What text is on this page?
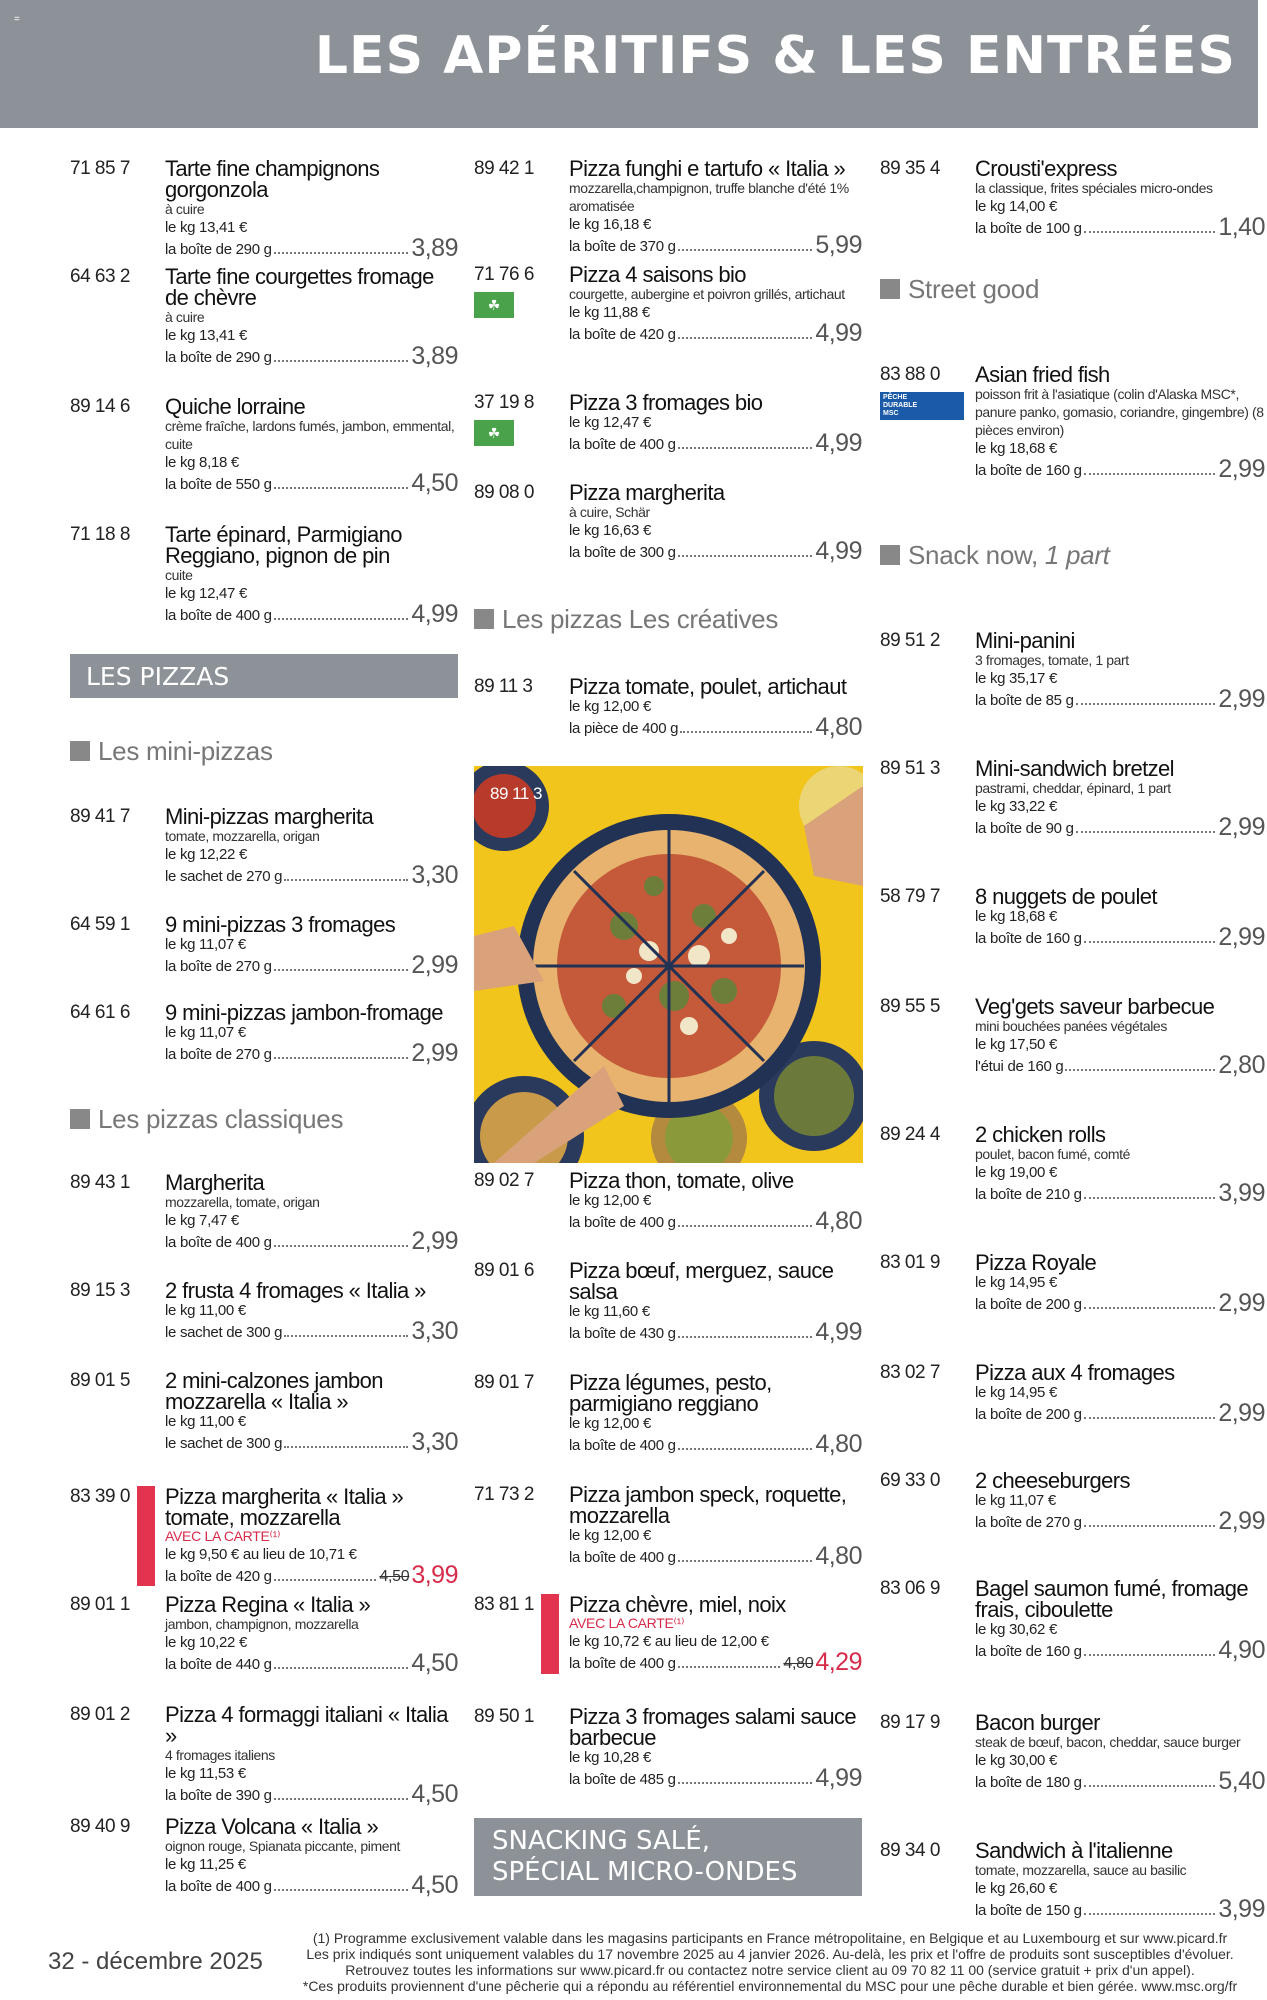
=
LES APÉRITIFS & LES ENTRÉES
71 85 7 Tarte fine champignons gorgonzola
à cuire
le kg 13,41 €
la boîte de 290 g	3,89
64 63 2 Tarte fine courgettes fromage de chèvre
à cuire
le kg 13,41 €
la boîte de 290 g	3,89
89 14 6 Quiche lorraine
crème fraîche, lardons fumés, jambon, emmental, cuite
le kg 8,18 €
la boîte de 550 g	4,50
71 18 8 Tarte épinard, Parmigiano Reggiano, pignon de pin
cuite
le kg 12,47 €
la boîte de 400 g	4,99
LES PIZZAS
Les mini-pizzas
89 41 7 Mini-pizzas margherita
tomate, mozzarella, origan
le kg 12,22 €
le sachet de 270 g	3,30
64 59 1 9 mini-pizzas 3 fromages
le kg 11,07 €
la boîte de 270 g	2,99
64 61 6 9 mini-pizzas jambon-fromage
le kg 11,07 €
la boîte de 270 g	2,99
Les pizzas classiques
89 43 1 Margherita
mozzarella, tomate, origan
le kg 7,47 €
la boîte de 400 g	2,99
89 15 3 2 frusta 4 fromages « Italia »
le kg 11,00 €
le sachet de 300 g	3,30
89 01 5 2 mini-calzones jambon mozzarella « Italia »
le kg 11,00 €
le sachet de 300 g	3,30
83 39 0 Pizza margherita « Italia » tomate, mozzarella
AVEC LA CARTE⁽¹⁾
le kg 9,50 € au lieu de 10,71 €
la boîte de 420 g	4,50 3,99
89 01 1 Pizza Regina « Italia »
jambon, champignon, mozzarella
le kg 10,22 €
la boîte de 440 g	4,50
89 01 2 Pizza 4 formaggi italiani « Italia »
4 fromages italiens
le kg 11,53 €
la boîte de 390 g	4,50
89 40 9 Pizza Volcana « Italia »
oignon rouge, Spianata piccante, piment
le kg 11,25 €
la boîte de 400 g	4,50
89 42 1 Pizza funghi e tartufo « Italia »
mozzarella,champignon, truffe blanche d'été 1% aromatisée
le kg 16,18 €
la boîte de 370 g	5,99
71 76 6
☘
Pizza 4 saisons bio
courgette, aubergine et poivron grillés, artichaut
le kg 11,88 €
la boîte de 420 g	4,99
37 19 8
☘
Pizza 3 fromages bio
le kg 12,47 €
la boîte de 400 g	4,99
89 08 0 Pizza margherita
à cuire, Schär
le kg 16,63 €
la boîte de 300 g	4,99
Les pizzas Les créatives
89 11 3 Pizza tomate, poulet, artichaut
le kg 12,00 €
la pièce de 400 g	4,80
89 02 7 Pizza thon, tomate, olive
le kg 12,00 €
la boîte de 400 g	4,80
89 01 6 Pizza bœuf, merguez, sauce salsa
le kg 11,60 €
la boîte de 430 g	4,99
89 01 7 Pizza légumes, pesto, parmigiano reggiano
le kg 12,00 €
la boîte de 400 g	4,80
71 73 2 Pizza jambon speck, roquette, mozzarella
le kg 12,00 €
la boîte de 400 g	4,80
83 81 1 Pizza chèvre, miel, noix
AVEC LA CARTE⁽¹⁾
le kg 10,72 € au lieu de 12,00 €
la boîte de 400 g	4,80 4,29
89 50 1 Pizza 3 fromages salami sauce barbecue
le kg 10,28 €
la boîte de 485 g	4,99
SNACKING SALÉ,
SPÉCIAL MICRO-ONDES
89 11 3
89 35 4 Crousti'express
la classique, frites spéciales micro-ondes
le kg 14,00 €
la boîte de 100 g	1,40
Street good
83 88 0
PÊCHE
DURABLE
MSC
Asian fried fish
poisson frit à l'asiatique (colin d'Alaska MSC*, panure panko, gomasio, coriandre, gingembre) (8 pièces environ)
le kg 18,68 €
la boîte de 160 g	2,99
Snack now, 1 part
89 51 2 Mini-panini
3 fromages, tomate, 1 part
le kg 35,17 €
la boîte de 85 g	2,99
89 51 3 Mini-sandwich bretzel
pastrami, cheddar, épinard, 1 part
le kg 33,22 €
la boîte de 90 g	2,99
58 79 7 8 nuggets de poulet
le kg 18,68 €
la boîte de 160 g	2,99
89 55 5 Veg'gets saveur barbecue
mini bouchées panées végétales
le kg 17,50 €
l'étui de 160 g	2,80
89 24 4 2 chicken rolls
poulet, bacon fumé, comté
le kg 19,00 €
la boîte de 210 g	3,99
83 01 9 Pizza Royale
le kg 14,95 €
la boîte de 200 g	2,99
83 02 7 Pizza aux 4 fromages
le kg 14,95 €
la boîte de 200 g	2,99
69 33 0 2 cheeseburgers
le kg 11,07 €
la boîte de 270 g	2,99
83 06 9 Bagel saumon fumé, fromage frais, ciboulette
le kg 30,62 €
la boîte de 160 g	4,90
89 17 9 Bacon burger
steak de bœuf, bacon, cheddar, sauce burger
le kg 30,00 €
la boîte de 180 g	5,40
89 34 0 Sandwich à l'italienne
tomate, mozzarella, sauce au basilic
le kg 26,60 €
la boîte de 150 g	3,99
32 - décembre 2025
(1) Programme exclusivement valable dans les magasins participants en France métropolitaine, en Belgique et au Luxembourg et sur www.picard.fr
Les prix indiqués sont uniquement valables du 17 novembre 2025 au 4 janvier 2026. Au-delà, les prix et l'offre de produits sont susceptibles d'évoluer.
Retrouvez toutes les informations sur www.picard.fr ou contactez notre service client au 09 70 82 11 00 (service gratuit + prix d'un appel).
*Ces produits proviennent d'une pêcherie qui a répondu au référentiel environnemental du MSC pour une pêche durable et bien gérée. www.msc.org/fr
